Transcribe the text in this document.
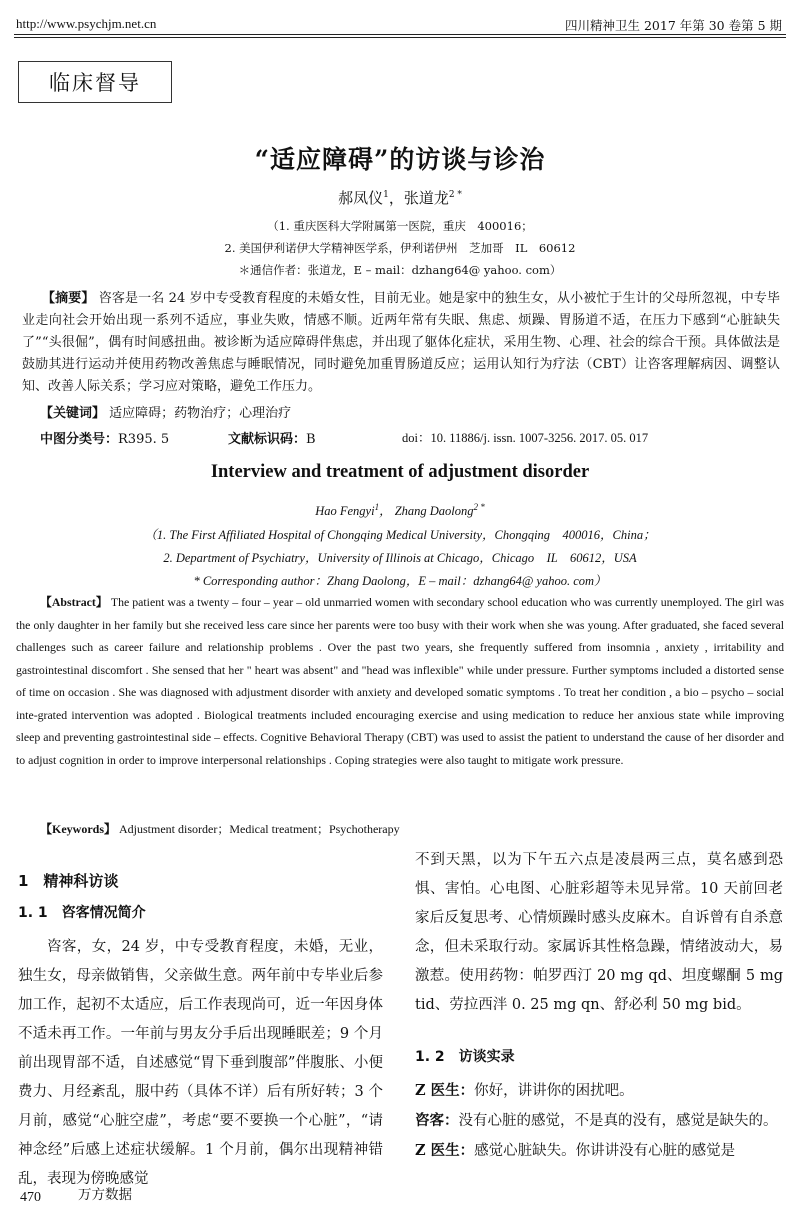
http://www.psychjm.net.cn	四川精神卫生 2017 年第 30 卷第 5 期
临床督导
“适应障碍”的访谈与诊治
郝凤仪$^1$，张道龙$^{2 *}$
（1. 重庆医科大学附属第一医院，重庆　400016；
2. 美国伊利诺伊大学精神医学系，伊利诺伊州　芝加哥　IL　60612
＊通信作者：张道龙，E – mail：dzhang64@ yahoo. com）
【摘要】 咨客是一名 24 岁中专受教育程度的未婚女性，目前无业。她是家中的独生女，从小被忙于生计的父母所忽视，中专毕业走向社会开始出现一系列不适应，事业失败，情感不顺。近两年常有失眠、焦虑、烦躁、胃肠道不适，在压力下感到“心脏缺失了”“头很倔”，偶有时间感扭曲。被诊断为适应障碍伴焦虑，并出现了躯体化症状，采用生物、心理、社会的综合干预。具体做法是鼓励其进行运动并使用药物改善焦虑与睡眠情况，同时避免加重胃肠道反应；运用认知行为疗法（CBT）让咨客理解病因、调整认知、改善人际关系；学习应对策略，避免工作压力。
【关键词】 适应障碍；药物治疗；心理治疗
中图分类号：R395. 5	文献标识码：B	doi：10. 11886/j. issn. 1007-3256. 2017. 05. 017
Interview and treatment of adjustment disorder
Hao Fengyi$^1$， Zhang Daolong$^{2 *}$
（1. The First Affiliated Hospital of Chongqing Medical University，Chongqing　400016，China；
2. Department of Psychiatry，University of Illinois at Chicago，Chicago　IL　60612，USA
* Corresponding author：Zhang Daolong，E – mail：dzhang64@ yahoo. com）
【Abstract】 The patient was a twenty – four – year – old unmarried women with secondary school education who was currently unemployed. The girl was the only daughter in her family but she received less care since her parents were too busy with their work when she was young. After graduated, she faced several challenges such as career failure and relationship problems . Over the past two years, she frequently suffered from insomnia , anxiety , irritability and gastrointestinal discomfort . She sensed that her " heart was absent" and "head was inflexible" while under pressure. Further symptoms included a distorted sense of time on occasion . She was diagnosed with adjustment disorder with anxiety and developed somatic symptoms . To treat her condition , a bio – psycho – social inte-grated intervention was adopted . Biological treatments included encouraging exercise and using medication to reduce her anxious state while improving sleep and preventing gastrointestinal side – effects. Cognitive Behavioral Therapy (CBT) was used to assist the patient to understand the cause of her disorder and to adjust cognition in order to improve interpersonal relationships . Coping strategies were also taught to mitigate work pressure.
【Keywords】 Adjustment disorder；Medical treatment；Psychotherapy
1　精神科访谈
1. 1　咨客情况简介
咨客，女，24 岁，中专受教育程度，未婚，无业，独生女，母亲做销售，父亲做生意。两年前中专毕业后参加工作，起初不太适应，后工作表现尚可，近一年因身体不适未再工作。一年前与男友分手后出现睡眠差；9 个月前出现胃部不适，自述感觉“胃下垂到腹部”伴腹胀、小便费力、月经紊乱，服中药（具体不详）后有所好转；3 个月前，感觉“心脏空虚”，考虑“要不要换一个心脏”，“请神念经”后感上述症状缓解。1 个月前，偶尔出现精神错乱，表现为傍晚感觉
不到天黑，以为下午五六点是凌晨两三点，莫名感到恐惧、害怕。心电图、心脏彩超等未见异常。10 天前回老家后反复思考、心情烦躁时感头皮麻木。自诉曾有自杀意念，但未采取行动。家属诉其性格急躁，情绪波动大，易激惹。使用药物：帕罗西汀 20 mg qd、坦度螺酮 5 mg tid、劳拉西泮 0. 25 mg qn、舒必利 50 mg bid。
1. 2　访谈实录
Z 医生：你好，讲讲你的困扰吧。
咨客：没有心脏的感觉，不是真的没有，感觉是缺失的。
Z 医生：感觉心脏缺失。你讲讲没有心脏的感觉是
470	万方数据
